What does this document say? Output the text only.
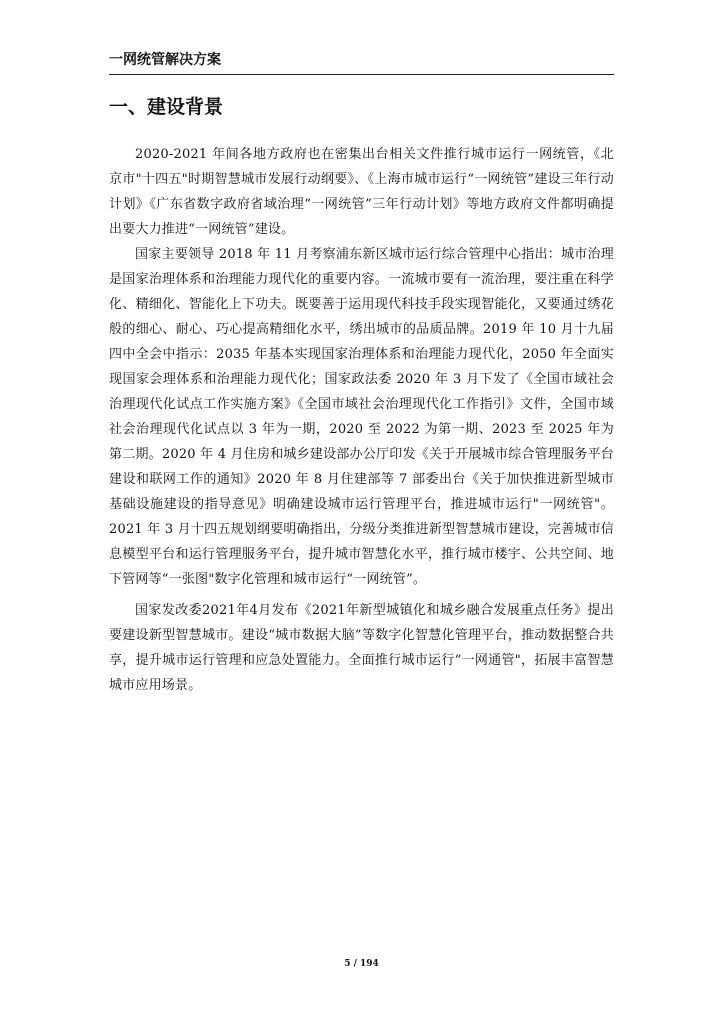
一网统管解决方案
一、建设背景

2020-2021 年间各地方政府也在密集出台相关文件推行城市运行一网统管，《北京市"十四五"时期智慧城市发展行动纲要》、《上海市城市运行“一网统管”建设三年行动计划》《广东省数字政府省域治理“一网统管”三年行动计划》等地方政府文件都明确提出要大力推进“一网统管”建设。

国家主要领导 2018 年 11 月考察浦东新区城市运行综合管理中心指出：城市治理是国家治理体系和治理能力现代化的重要内容。一流城市要有一流治理，要注重在科学化、精细化、智能化上下功夫。既要善于运用现代科技手段实现智能化，又要通过绣花般的细心、耐心、巧心提高精细化水平，绣出城市的品质品牌。2019 年 10 月十九届四中全会中指示：2035 年基本实现国家治理体系和治理能力现代化，2050 年全面实现国家会理体系和治理能力现代化；国家政法委 2020 年 3 月下发了《全国市域社会治理现代化试点工作实施方案》《全国市域社会治理现代化工作指引》文件，全国市域社会治理现代化试点以 3 年为一期，2020 至 2022 为第一期、2023 至 2025 年为第二期。2020 年 4 月住房和城乡建设部办公厅印发《关于开展城市综合管理服务平台建设和联网工作的通知》2020 年 8 月住建部等 7 部委出台《关于加快推进新型城市基础设施建设的指导意见》明确建设城市运行管理平台，推进城市运行"一网统管"。2021 年 3 月十四五规划纲要明确指出，分级分类推进新型智慧城市建设，完善城市信息模型平台和运行管理服务平台，提升城市智慧化水平，推行城市楼宇、公共空间、地下管网等“一张图"数字化管理和城市运行“一网统管”。

国家发改委2021年4月发布《2021年新型城镇化和城乡融合发展重点任务》提出要建设新型智慧城市。建设“城市数据大脑”等数字化智慧化管理平台，推动数据整合共享，提升城市运行管理和应急处置能力。全面推行城市运行“一网通管"，拓展丰富智慧城市应用场景。

5 / 194
